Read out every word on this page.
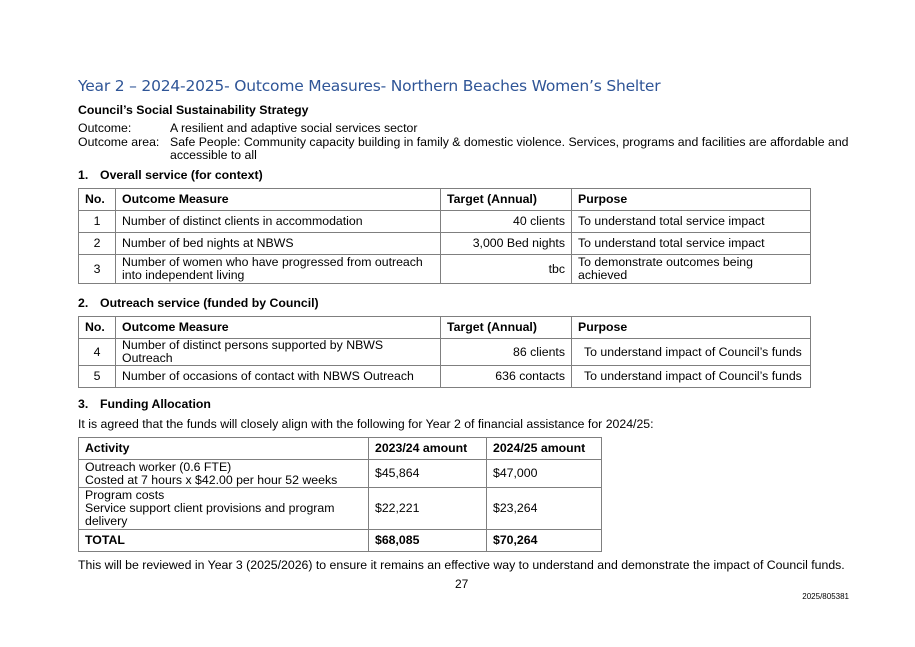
Year 2 – 2024-2025- Outcome Measures- Northern Beaches Women’s Shelter
Council’s Social Sustainability Strategy
Outcome:	A resilient and adaptive social services sector
Outcome area: Safe People: Community capacity building in family & domestic violence. Services, programs and facilities are affordable and
accessible to all
1. Overall service (for context)
No.	Outcome Measure	Target (Annual)	Purpose
1	Number of distinct clients in accommodation	40 clients	To understand total service impact
2	Number of bed nights at NBWS	3,000 Bed nights	To understand total service impact
3	Number of women who have progressed from outreach
into independent living	tbc	To demonstrate outcomes being achieved
2. Outreach service (funded by Council)
No.	Outcome Measure	Target (Annual)	Purpose
4	Number of distinct persons supported by NBWS Outreach	86 clients	To understand impact of Council’s funds
5	Number of occasions of contact with NBWS Outreach	636 contacts	To understand impact of Council’s funds
3. Funding Allocation
It is agreed that the funds will closely align with the following for Year 2 of financial assistance for 2024/25:
Activity	2023/24 amount	2024/25 amount

Outreach worker (0.6 FTE)
Costed at 7 hours x $42.00 per hour 52 weeks	$45,864	$47,000

Program costs
Service support client provisions and program
delivery	$22,221	$23,264
TOTAL	$68,085	$70,264
This will be reviewed in Year 3 (2025/2026) to ensure it remains an effective way to understand and demonstrate the impact of Council funds.
27
2025/805381
